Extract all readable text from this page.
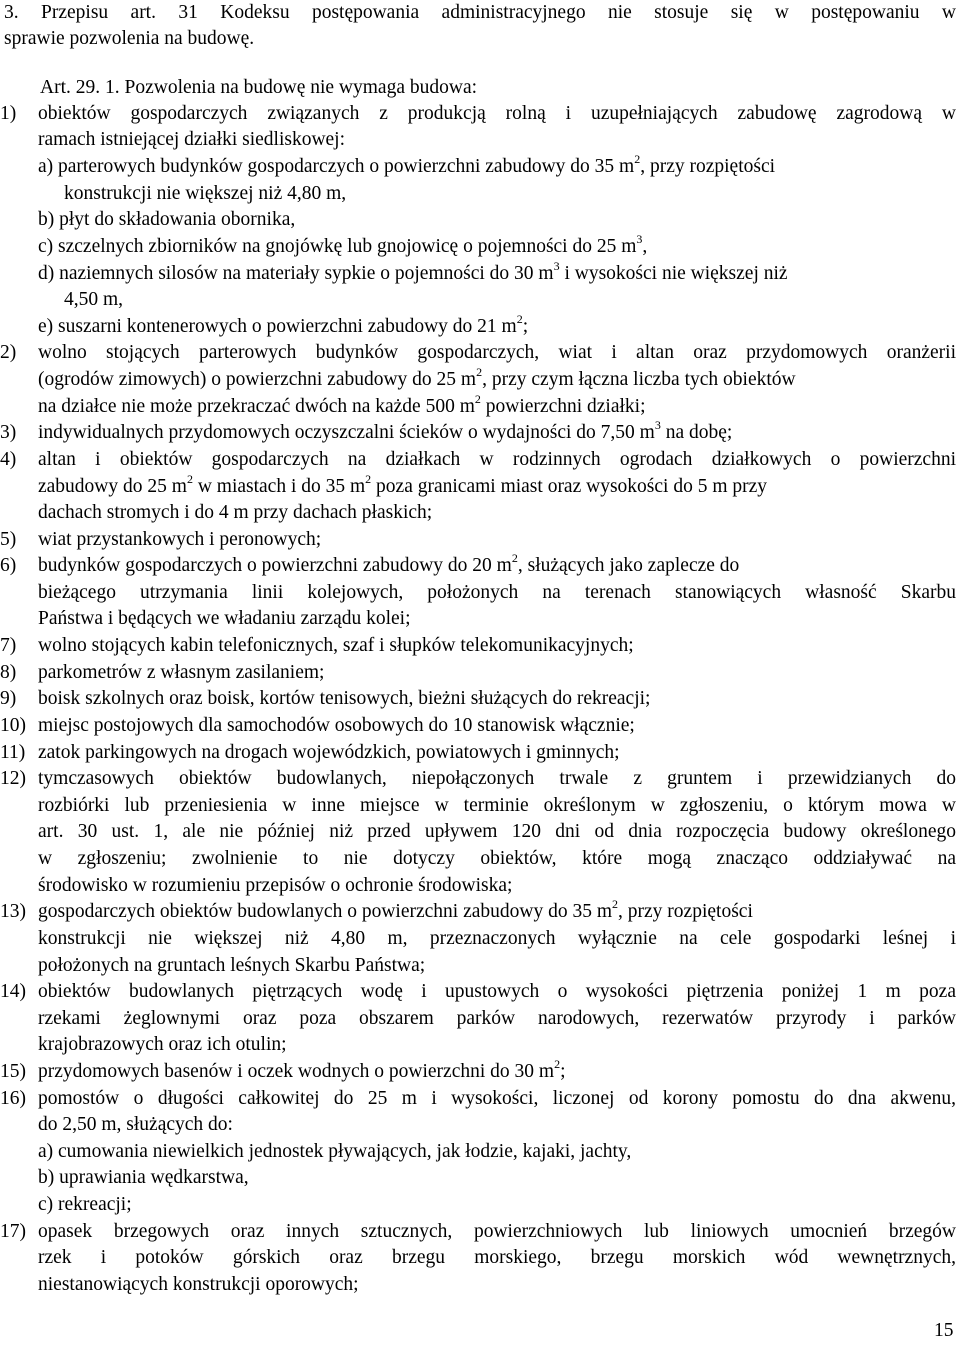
3. Przepisu art. 31 Kodeksu postępowania administracyjnego nie stosuje się w postępowaniu w
sprawie pozwolenia na budowę.
Art. 29. 1. Pozwolenia na budowę nie wymaga budowa:
1) obiektów gospodarczych związanych z produkcją rolną i uzupełniających zabudowę zagrodową w
ramach istniejącej działki siedliskowej:
a) parterowych budynków gospodarczych o powierzchni zabudowy do 35 $m^2$, przy rozpiętości
konstrukcji nie większej niż 4,80 m,
b) płyt do składowania obornika,
c) szczelnych zbiorników na gnojówkę lub gnojowicę o pojemności do 25 $m^3$,
d) naziemnych silosów na materiały sypkie o pojemności do 30 $m^3$ i wysokości nie większej niż
4,50 m,
e) suszarni kontenerowych o powierzchni zabudowy do 21 $m^2$;
2) wolno stojących parterowych budynków gospodarczych, wiat i altan oraz przydomowych oranżerii
(ogrodów zimowych) o powierzchni zabudowy do 25 $m^2$, przy czym łączna liczba tych obiektów
na działce nie może przekraczać dwóch na każde 500 $m^2$ powierzchni działki;
3) indywidualnych przydomowych oczyszczalni ścieków o wydajności do 7,50 $m^3$ na dobę;
4) altan i obiektów gospodarczych na działkach w rodzinnych ogrodach działkowych o powierzchni
zabudowy do 25 $m^2$ w miastach i do 35 $m^2$ poza granicami miast oraz wysokości do 5 m przy
dachach stromych i do 4 m przy dachach płaskich;
5) wiat przystankowych i peronowych;
6) budynków gospodarczych o powierzchni zabudowy do 20 $m^2$, służących jako zaplecze do
bieżącego utrzymania linii kolejowych, położonych na terenach stanowiących własność Skarbu
Państwa i będących we władaniu zarządu kolei;
7) wolno stojących kabin telefonicznych, szaf i słupków telekomunikacyjnych;
8) parkometrów z własnym zasilaniem;
9) boisk szkolnych oraz boisk, kortów tenisowych, bieżni służących do rekreacji;
10) miejsc postojowych dla samochodów osobowych do 10 stanowisk włącznie;
11) zatok parkingowych na drogach wojewódzkich, powiatowych i gminnych;
12) tymczasowych obiektów budowlanych, niepołączonych trwale z gruntem i przewidzianych do
rozbiórki lub przeniesienia w inne miejsce w terminie określonym w zgłoszeniu, o którym mowa w
art. 30 ust. 1, ale nie później niż przed upływem 120 dni od dnia rozpoczęcia budowy określonego
w zgłoszeniu; zwolnienie to nie dotyczy obiektów, które mogą znacząco oddziaływać na
środowisko w rozumieniu przepisów o ochronie środowiska;
13) gospodarczych obiektów budowlanych o powierzchni zabudowy do 35 $m^2$, przy rozpiętości
konstrukcji nie większej niż 4,80 m, przeznaczonych wyłącznie na cele gospodarki leśnej i
położonych na gruntach leśnych Skarbu Państwa;
14) obiektów budowlanych piętrzących wodę i upustowych o wysokości piętrzenia poniżej 1 m poza
rzekami żeglownymi oraz poza obszarem parków narodowych, rezerwatów przyrody i parków
krajobrazowych oraz ich otulin;
15) przydomowych basenów i oczek wodnych o powierzchni do 30 $m^2$;
16) pomostów o długości całkowitej do 25 m i wysokości, liczonej od korony pomostu do dna akwenu,
do 2,50 m, służących do:
a) cumowania niewielkich jednostek pływających, jak łodzie, kajaki, jachty,
b) uprawiania wędkarstwa,
c) rekreacji;
17) opasek brzegowych oraz innych sztucznych, powierzchniowych lub liniowych umocnień brzegów
rzek i potoków górskich oraz brzegu morskiego, brzegu morskich wód wewnętrznych,
niestanowiących konstrukcji oporowych;
15
